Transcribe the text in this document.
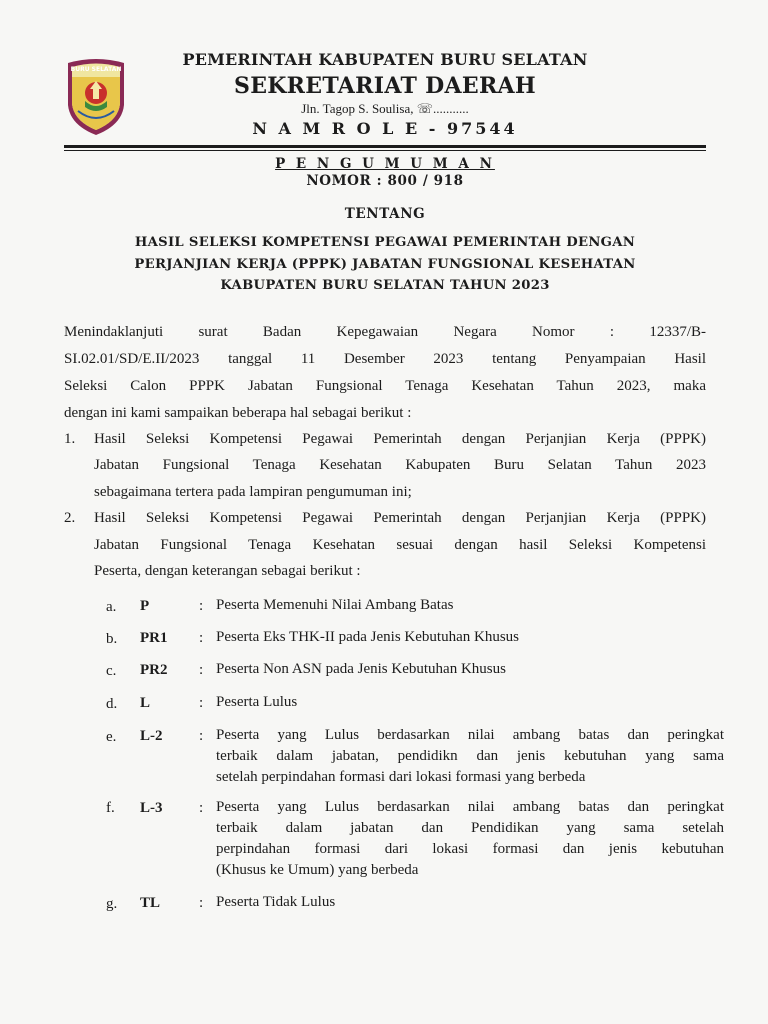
BURU SELATAN
PEMERINTAH KABUPATEN BURU SELATAN
SEKRETARIAT DAERAH
Jln. Tagop S. Soulisa, ☏...........
N A M R O L E - 97544
P E N G U M U M A N
NOMOR : 800 / 918
TENTANG
HASIL SELEKSI KOMPETENSI PEGAWAI PEMERINTAH DENGAN
PERJANJIAN KERJA (PPPK) JABATAN FUNGSIONAL KESEHATAN
KABUPATEN BURU SELATAN TAHUN 2023
Menindaklanjuti surat Badan Kepegawaian Negara Nomor : 12337/B-
SI.02.01/SD/E.II/2023 tanggal 11 Desember 2023 tentang Penyampaian Hasil
Seleksi Calon PPPK Jabatan Fungsional Tenaga Kesehatan Tahun 2023, maka
dengan ini kami sampaikan beberapa hal sebagai berikut :
1. Hasil Seleksi Kompetensi Pegawai Pemerintah dengan Perjanjian Kerja (PPPK)
Jabatan Fungsional Tenaga Kesehatan Kabupaten Buru Selatan Tahun 2023
sebagaimana tertera pada lampiran pengumuman ini;
2. Hasil Seleksi Kompetensi Pegawai Pemerintah dengan Perjanjian Kerja (PPPK)
Jabatan Fungsional Tenaga Kesehatan sesuai dengan hasil Seleksi Kompetensi
Peserta, dengan keterangan sebagai berikut :
a. P	: Peserta Memenuhi Nilai Ambang Batas
b. PR1 : Peserta Eks THK-II pada Jenis Kebutuhan Khusus
c. PR2 : Peserta Non ASN pada Jenis Kebutuhan Khusus
d. L	: Peserta Lulus
e. L-2 : Peserta yang Lulus berdasarkan nilai ambang batas dan peringkat
terbaik dalam jabatan, pendidikn dan jenis kebutuhan yang sama
setelah perpindahan formasi dari lokasi formasi yang berbeda
f. L-3 : Peserta yang Lulus berdasarkan nilai ambang batas dan peringkat
terbaik dalam jabatan dan Pendidikan yang sama setelah
perpindahan formasi dari lokasi formasi dan jenis kebutuhan
(Khusus ke Umum) yang berbeda
g. TL	: Peserta Tidak Lulus
